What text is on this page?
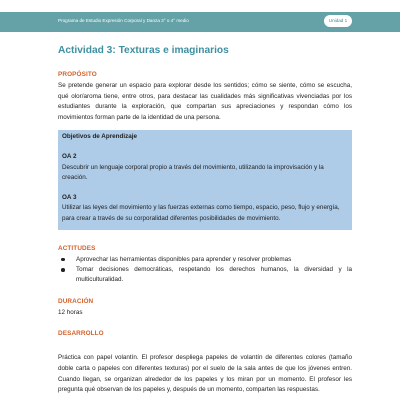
Programa de Estudio Expresión Corporal y Danza 3° o 4° medio	Unidad 1
Actividad 3: Texturas e imaginarios
PROPÓSITO

Se pretende generar un espacio para explorar desde los sentidos; cómo se siente, cómo se escucha, qué olor/aroma tiene, entre otros, para destacar las cualidades más significativas vivenciadas por los estudiantes durante la exploración, que compartan sus apreciaciones y respondan cómo los movimientos forman parte de la identidad de una persona.

Objetivos de Aprendizaje
OA 2
Descubrir un lenguaje corporal propio a través del movimiento, utilizando la improvisación y la creación.
OA 3
Utilizar las leyes del movimiento y las fuerzas externas como tiempo, espacio, peso, flujo y energía, para crear a través de su corporalidad diferentes posibilidades de movimiento.
ACTITUDES
Aprovechar las herramientas disponibles para aprender y resolver problemas
Tomar decisiones democráticas, respetando los derechos humanos, la diversidad y la multiculturalidad.
DURACIÓN

12 horas

DESARROLLO

Práctica con papel volantín. El profesor despliega papeles de volantín de diferentes colores (tamaño doble carta o papeles con diferentes texturas) por el suelo de la sala antes de que los jóvenes entren. Cuando llegan, se organizan alrededor de los papeles y los miran por un momento. El profesor les pregunta qué observan de los papeles y, después de un momento, comparten las respuestas.
